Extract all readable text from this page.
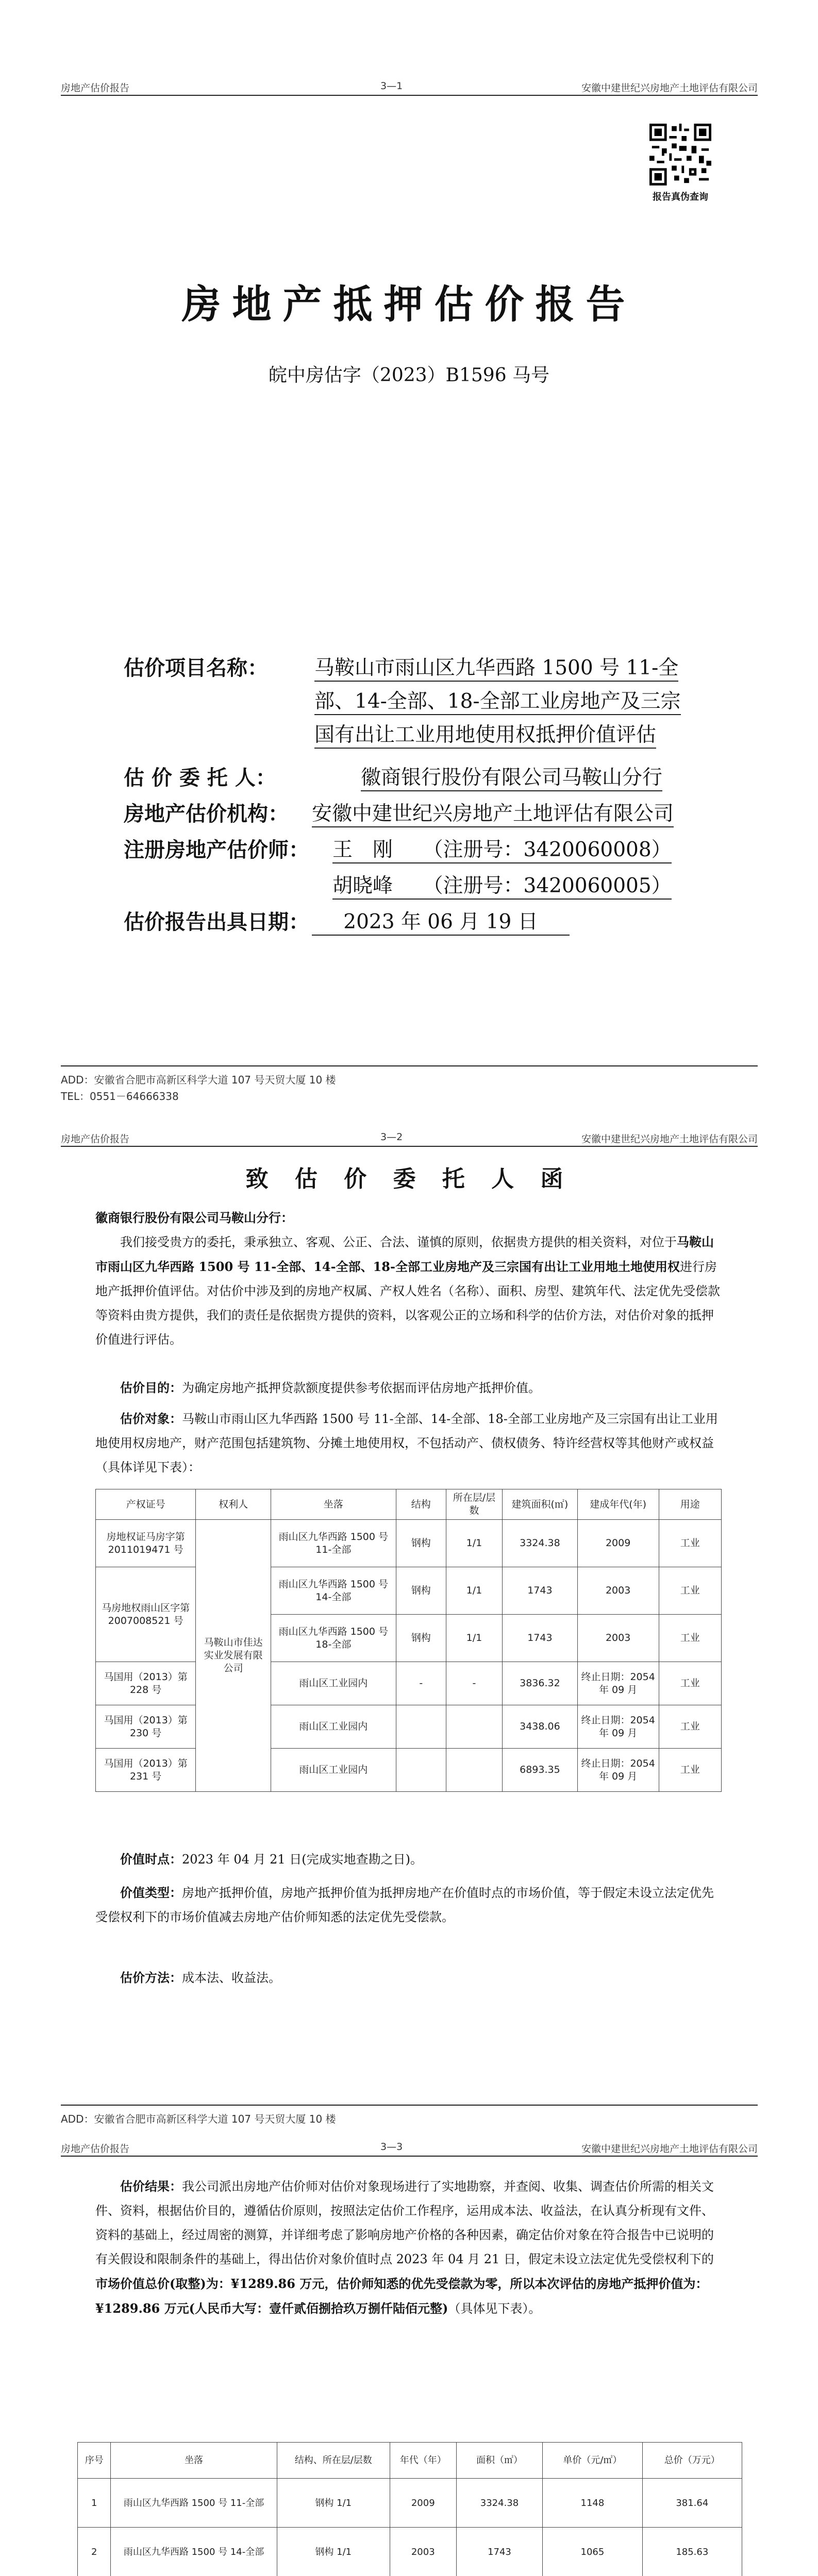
房地产估价报告	3—1	安徽中建世纪兴房地产土地评估有限公司
报告真伪查询
房地产抵押估价报告
皖中房估字（2023）B1596 马号
估价项目名称： 马鞍山市雨山区九华西路 1500 号 11-全
部、14-全部、18-全部工业房地产及三宗
国有出让工业用地使用权抵押价值评估
估 价 委 托 人：	徽商银行股份有限公司马鞍山分行
房地产估价机构： 安徽中建世纪兴房地产土地评估有限公司
注册房地产估价师： 王　刚　　（注册号：3420060008）
胡晓峰　　（注册号：3420060005）
估价报告出具日期：	2023 年 06 月 19 日
ADD：安徽省合肥市高新区科学大道 107 号天贸大厦 10 楼
TEL：0551－64666338
房地产估价报告	3—2	安徽中建世纪兴房地产土地评估有限公司
致 估 价 委 托 人 函
徽商银行股份有限公司马鞍山分行：
我们接受贵方的委托，秉承独立、客观、公正、合法、谨慎的原则，依据贵方提供的相关资料，对位于马鞍山市雨山区九华西路 1500 号 11-全部、14-全部、18-全部工业房地产及三宗国有出让工业用地土地使用权进行房地产抵押价值评估。对估价中涉及到的房地产权属、产权人姓名（名称）、面积、房型、建筑年代、法定优先受偿款等资料由贵方提供，我们的责任是依据贵方提供的资料，以客观公正的立场和科学的估价方法，对估价对象的抵押价值进行评估。
估价目的：为确定房地产抵押贷款额度提供参考依据而评估房地产抵押价值。
估价对象：马鞍山市雨山区九华西路 1500 号 11-全部、14-全部、18-全部工业房地产及三宗国有出让工业用地使用权房地产，财产范围包括建筑物、分摊土地使用权，不包括动产、债权债务、特许经营权等其他财产或权益（具体详见下表）：
产权证号	权利人	坐落	结构	所在层/层数	建筑面积(㎡)	建成年代(年)	用途
房地权证马房字第 2011019471 号	马鞍山市佳达实业发展有限公司	雨山区九华西路 1500 号 11-全部	钢构	1/1	3324.38	2009	工业
马房地权雨山区字第 2007008521 号		雨山区九华西路 1500 号 14-全部	钢构	1/1	1743	2003	工业
		雨山区九华西路 1500 号 18-全部	钢构	1/1	1743	2003	工业
马国用（2013）第 228 号		雨山区工业园内	-	-	3836.32	终止日期：2054 年 09 月	工业
马国用（2013）第 230 号		雨山区工业园内			3438.06	终止日期：2054 年 09 月	工业
马国用（2013）第 231 号		雨山区工业园内			6893.35	终止日期：2054 年 09 月	工业
价值时点：2023 年 04 月 21 日(完成实地查勘之日)。
价值类型：房地产抵押价值，房地产抵押价值为抵押房地产在价值时点的市场价值，等于假定未设立法定优先受偿权利下的市场价值减去房地产估价师知悉的法定优先受偿款。
估价方法：成本法、收益法。
ADD：安徽省合肥市高新区科学大道 107 号天贸大厦 10 楼
房地产估价报告	3—3	安徽中建世纪兴房地产土地评估有限公司
估价结果：我公司派出房地产估价师对估价对象现场进行了实地勘察，并查阅、收集、调查估价所需的相关文件、资料，根据估价目的，遵循估价原则，按照法定估价工作程序，运用成本法、收益法，在认真分析现有文件、资料的基础上，经过周密的测算，并详细考虑了影响房地产价格的各种因素，确定估价对象在符合报告中已说明的有关假设和限制条件的基础上，得出估价对象价值时点 2023 年 04 月 21 日，假定未设立法定优先受偿权利下的市场价值总价(取整)为：¥1289.86 万元，估价师知悉的优先受偿款为零，所以本次评估的房地产抵押价值为：¥1289.86 万元(人民币大写：壹仟贰佰捌拾玖万捌仟陆佰元整)（具体见下表）。
序号	坐落	结构、所在层/层数	年代（年）	面积（㎡）	单价（元/㎡）	总价（万元）
1	雨山区九华西路 1500 号 11-全部	钢构 1/1	2009	3324.38	1148	381.64
2	雨山区九华西路 1500 号 14-全部	钢构 1/1	2003	1743	1065	185.63
